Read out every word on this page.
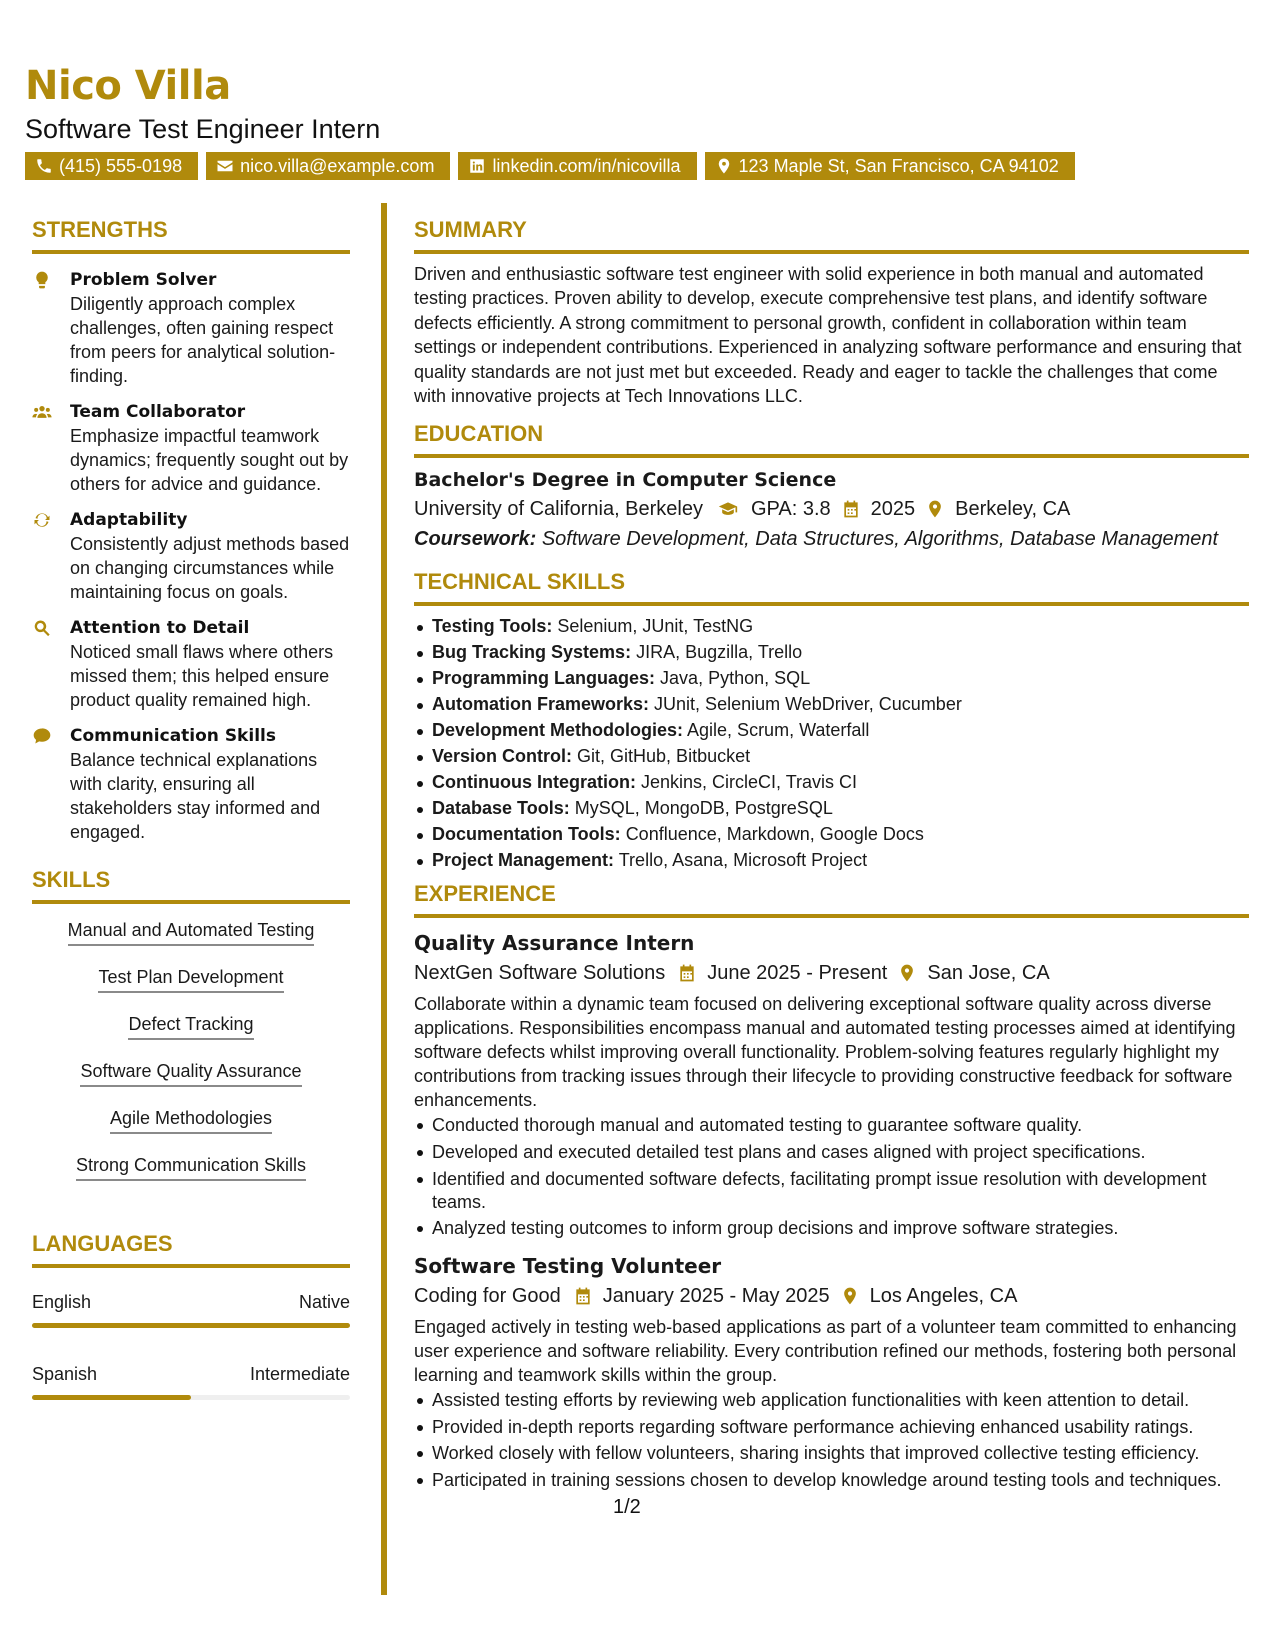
Nico Villa
Software Test Engineer Intern
(415) 555-0198	nico.villa@example.com	linkedin.com/in/nicovilla	123 Maple St, San Francisco, CA 94102
STRENGTHS
Problem Solver
Diligently approach complex challenges, often gaining respect from peers for analytical solution-finding.
Team Collaborator
Emphasize impactful teamwork dynamics; frequently sought out by others for advice and guidance.
Adaptability
Consistently adjust methods based on changing circumstances while maintaining focus on goals.
Attention to Detail
Noticed small flaws where others missed them; this helped ensure product quality remained high.
Communication Skills
Balance technical explanations with clarity, ensuring all stakeholders stay informed and engaged.
SKILLS
Manual and Automated Testing
Test Plan Development
Defect Tracking
Software Quality Assurance
Agile Methodologies
Strong Communication Skills
LANGUAGES
English	Native
Spanish	Intermediate
SUMMARY
Driven and enthusiastic software test engineer with solid experience in both manual and automated testing practices. Proven ability to develop, execute comprehensive test plans, and identify software defects efficiently. A strong commitment to personal growth, confident in collaboration within team settings or independent contributions. Experienced in analyzing software performance and ensuring that quality standards are not just met but exceeded. Ready and eager to tackle the challenges that come with innovative projects at Tech Innovations LLC.
EDUCATION
Bachelor's Degree in Computer Science
University of California, Berkeley GPA: 3.8 2025 Berkeley, CA
Coursework: Software Development, Data Structures, Algorithms, Database Management
TECHNICAL SKILLS
Testing Tools: Selenium, JUnit, TestNG
Bug Tracking Systems: JIRA, Bugzilla, Trello
Programming Languages: Java, Python, SQL
Automation Frameworks: JUnit, Selenium WebDriver, Cucumber
Development Methodologies: Agile, Scrum, Waterfall
Version Control: Git, GitHub, Bitbucket
Continuous Integration: Jenkins, CircleCI, Travis CI
Database Tools: MySQL, MongoDB, PostgreSQL
Documentation Tools: Confluence, Markdown, Google Docs
Project Management: Trello, Asana, Microsoft Project
EXPERIENCE
Quality Assurance Intern
NextGen Software Solutions June 2025 - Present San Jose, CA
Collaborate within a dynamic team focused on delivering exceptional software quality across diverse applications. Responsibilities encompass manual and automated testing processes aimed at identifying software defects whilst improving overall functionality. Problem-solving features regularly highlight my contributions from tracking issues through their lifecycle to providing constructive feedback for software enhancements.
Conducted thorough manual and automated testing to guarantee software quality.
Developed and executed detailed test plans and cases aligned with project specifications.
Identified and documented software defects, facilitating prompt issue resolution with development teams.
Analyzed testing outcomes to inform group decisions and improve software strategies.
Software Testing Volunteer
Coding for Good January 2025 - May 2025 Los Angeles, CA
Engaged actively in testing web-based applications as part of a volunteer team committed to enhancing user experience and software reliability. Every contribution refined our methods, fostering both personal learning and teamwork skills within the group.
Assisted testing efforts by reviewing web application functionalities with keen attention to detail.
Provided in-depth reports regarding software performance achieving enhanced usability ratings.
Worked closely with fellow volunteers, sharing insights that improved collective testing efficiency.
Participated in training sessions chosen to develop knowledge around testing tools and techniques.
1/2
